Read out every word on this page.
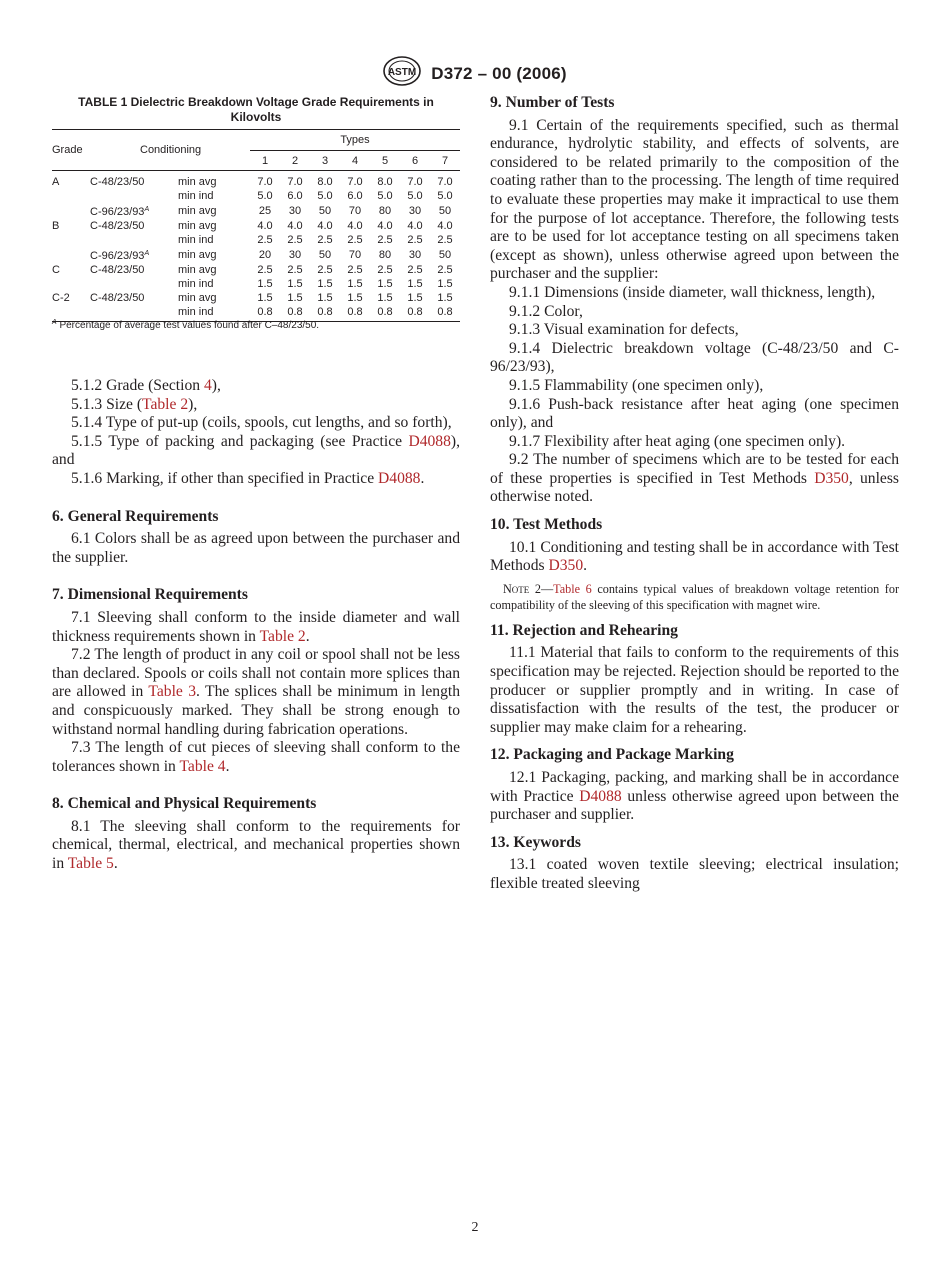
ASTM D372 – 00 (2006)
TABLE 1 Dielectric Breakdown Voltage Grade Requirements in Kilovolts
Grade	Conditioning		Types						
			1	2	3	4	5	6	7
A	C-48/23/50	min avg	7.0	7.0	8.0	7.0	8.0	7.0	7.0
		min ind	5.0	6.0	5.0	6.0	5.0	5.0	5.0
	$C-96/23/93^A$	min avg	25	30	50	70	80	30	50
B	C-48/23/50	min avg	4.0	4.0	4.0	4.0	4.0	4.0	4.0
		min ind	2.5	2.5	2.5	2.5	2.5	2.5	2.5
	$C-96/23/93^A$	min avg	20	30	50	70	80	30	50
C	C-48/23/50	min avg	2.5	2.5	2.5	2.5	2.5	2.5	2.5
		min ind	1.5	1.5	1.5	1.5	1.5	1.5	1.5
C-2	C-48/23/50	min avg	1.5	1.5	1.5	1.5	1.5	1.5	1.5
		min ind	0.8	0.8	0.8	0.8	0.8	0.8	0.8
$^A$ Percentage of average test values found after C–48/23/50.

5.1.2 Grade (Section 4),

5.1.3 Size (Table 2),

5.1.4 Type of put-up (coils, spools, cut lengths, and so forth),

5.1.5 Type of packing and packaging (see Practice D4088), and

5.1.6 Marking, if other than specified in Practice D4088.

6. General Requirements

6.1 Colors shall be as agreed upon between the purchaser and the supplier.

7. Dimensional Requirements

7.1 Sleeving shall conform to the inside diameter and wall thickness requirements shown in Table 2.

7.2 The length of product in any coil or spool shall not be less than declared. Spools or coils shall not contain more splices than are allowed in Table 3. The splices shall be minimum in length and conspicuously marked. They shall be strong enough to withstand normal handling during fabrication operations.

7.3 The length of cut pieces of sleeving shall conform to the tolerances shown in Table 4.

8. Chemical and Physical Requirements

8.1 The sleeving shall conform to the requirements for chemical, thermal, electrical, and mechanical properties shown in Table 5.

9. Number of Tests

9.1 Certain of the requirements specified, such as thermal endurance, hydrolytic stability, and effects of solvents, are considered to be related primarily to the composition of the coating rather than to the processing. The length of time required to evaluate these properties may make it impractical to use them for the purpose of lot acceptance. Therefore, the following tests are to be used for lot acceptance testing on all specimens taken (except as shown), unless otherwise agreed upon between the purchaser and the supplier:

9.1.1 Dimensions (inside diameter, wall thickness, length),

9.1.2 Color,

9.1.3 Visual examination for defects,

9.1.4 Dielectric breakdown voltage (C-48/23/50 and C-96/23/93),

9.1.5 Flammability (one specimen only),

9.1.6 Push-back resistance after heat aging (one specimen only), and

9.1.7 Flexibility after heat aging (one specimen only).

9.2 The number of specimens which are to be tested for each of these properties is specified in Test Methods D350, unless otherwise noted.

10. Test Methods

10.1 Conditioning and testing shall be in accordance with Test Methods D350.

Note 2—Table 6 contains typical values of breakdown voltage retention for compatibility of the sleeving of this specification with magnet wire.

11. Rejection and Rehearing

11.1 Material that fails to conform to the requirements of this specification may be rejected. Rejection should be reported to the producer or supplier promptly and in writing. In case of dissatisfaction with the results of the test, the producer or supplier may make claim for a rehearing.

12. Packaging and Package Marking

12.1 Packaging, packing, and marking shall be in accordance with Practice D4088 unless otherwise agreed upon between the purchaser and supplier.

13. Keywords

13.1 coated woven textile sleeving; electrical insulation; flexible treated sleeving

2
